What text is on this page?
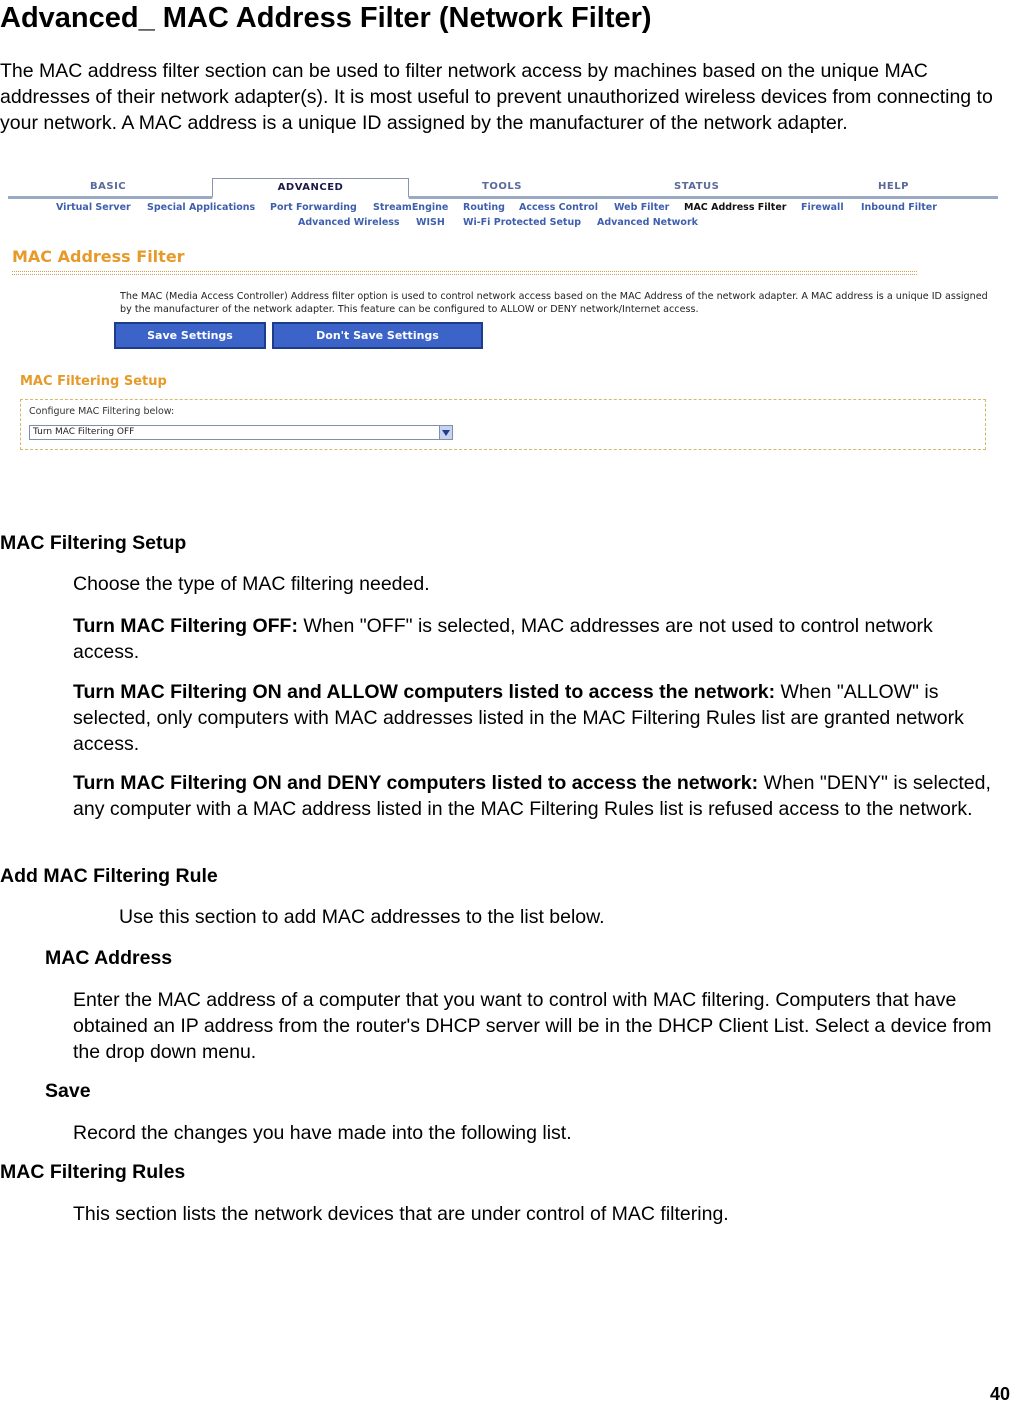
Advanced_ MAC Address Filter (Network Filter)

The MAC address filter section can be used to filter network access by machines based on the unique MAC addresses of their network adapter(s). It is most useful to prevent unauthorized wireless devices from connecting to your network. A MAC address is a unique ID assigned by the manufacturer of the network adapter.

BASIC	ADVANCED	TOOLS	STATUS	HELP
Virtual Server Special Applications Port Forwarding StreamEngine Routing Access Control Web Filter MAC Address Filter Firewall Inbound Filter
Advanced Wireless WISH Wi-Fi Protected Setup Advanced Network
MAC Address Filter
The MAC (Media Access Controller) Address filter option is used to control network access based on the MAC Address of the network adapter. A MAC address is a unique ID assigned by the manufacturer of the network adapter. This feature can be configured to ALLOW or DENY network/Internet access.
Save Settings	Don't Save Settings
MAC Filtering Setup
Configure MAC Filtering below:
Turn MAC Filtering OFF

MAC Filtering Setup

Choose the type of MAC filtering needed.

Turn MAC Filtering OFF: When "OFF" is selected, MAC addresses are not used to control network access.

Turn MAC Filtering ON and ALLOW computers listed to access the network: When "ALLOW" is selected, only computers with MAC addresses listed in the MAC Filtering Rules list are granted network access.

Turn MAC Filtering ON and DENY computers listed to access the network: When "DENY" is selected, any computer with a MAC address listed in the MAC Filtering Rules list is refused access to the network.

Add MAC Filtering Rule

Use this section to add MAC addresses to the list below.

MAC Address

Enter the MAC address of a computer that you want to control with MAC filtering. Computers that have obtained an IP address from the router's DHCP server will be in the DHCP Client List. Select a device from the drop down menu.

Save

Record the changes you have made into the following list.

MAC Filtering Rules

This section lists the network devices that are under control of MAC filtering.

40
